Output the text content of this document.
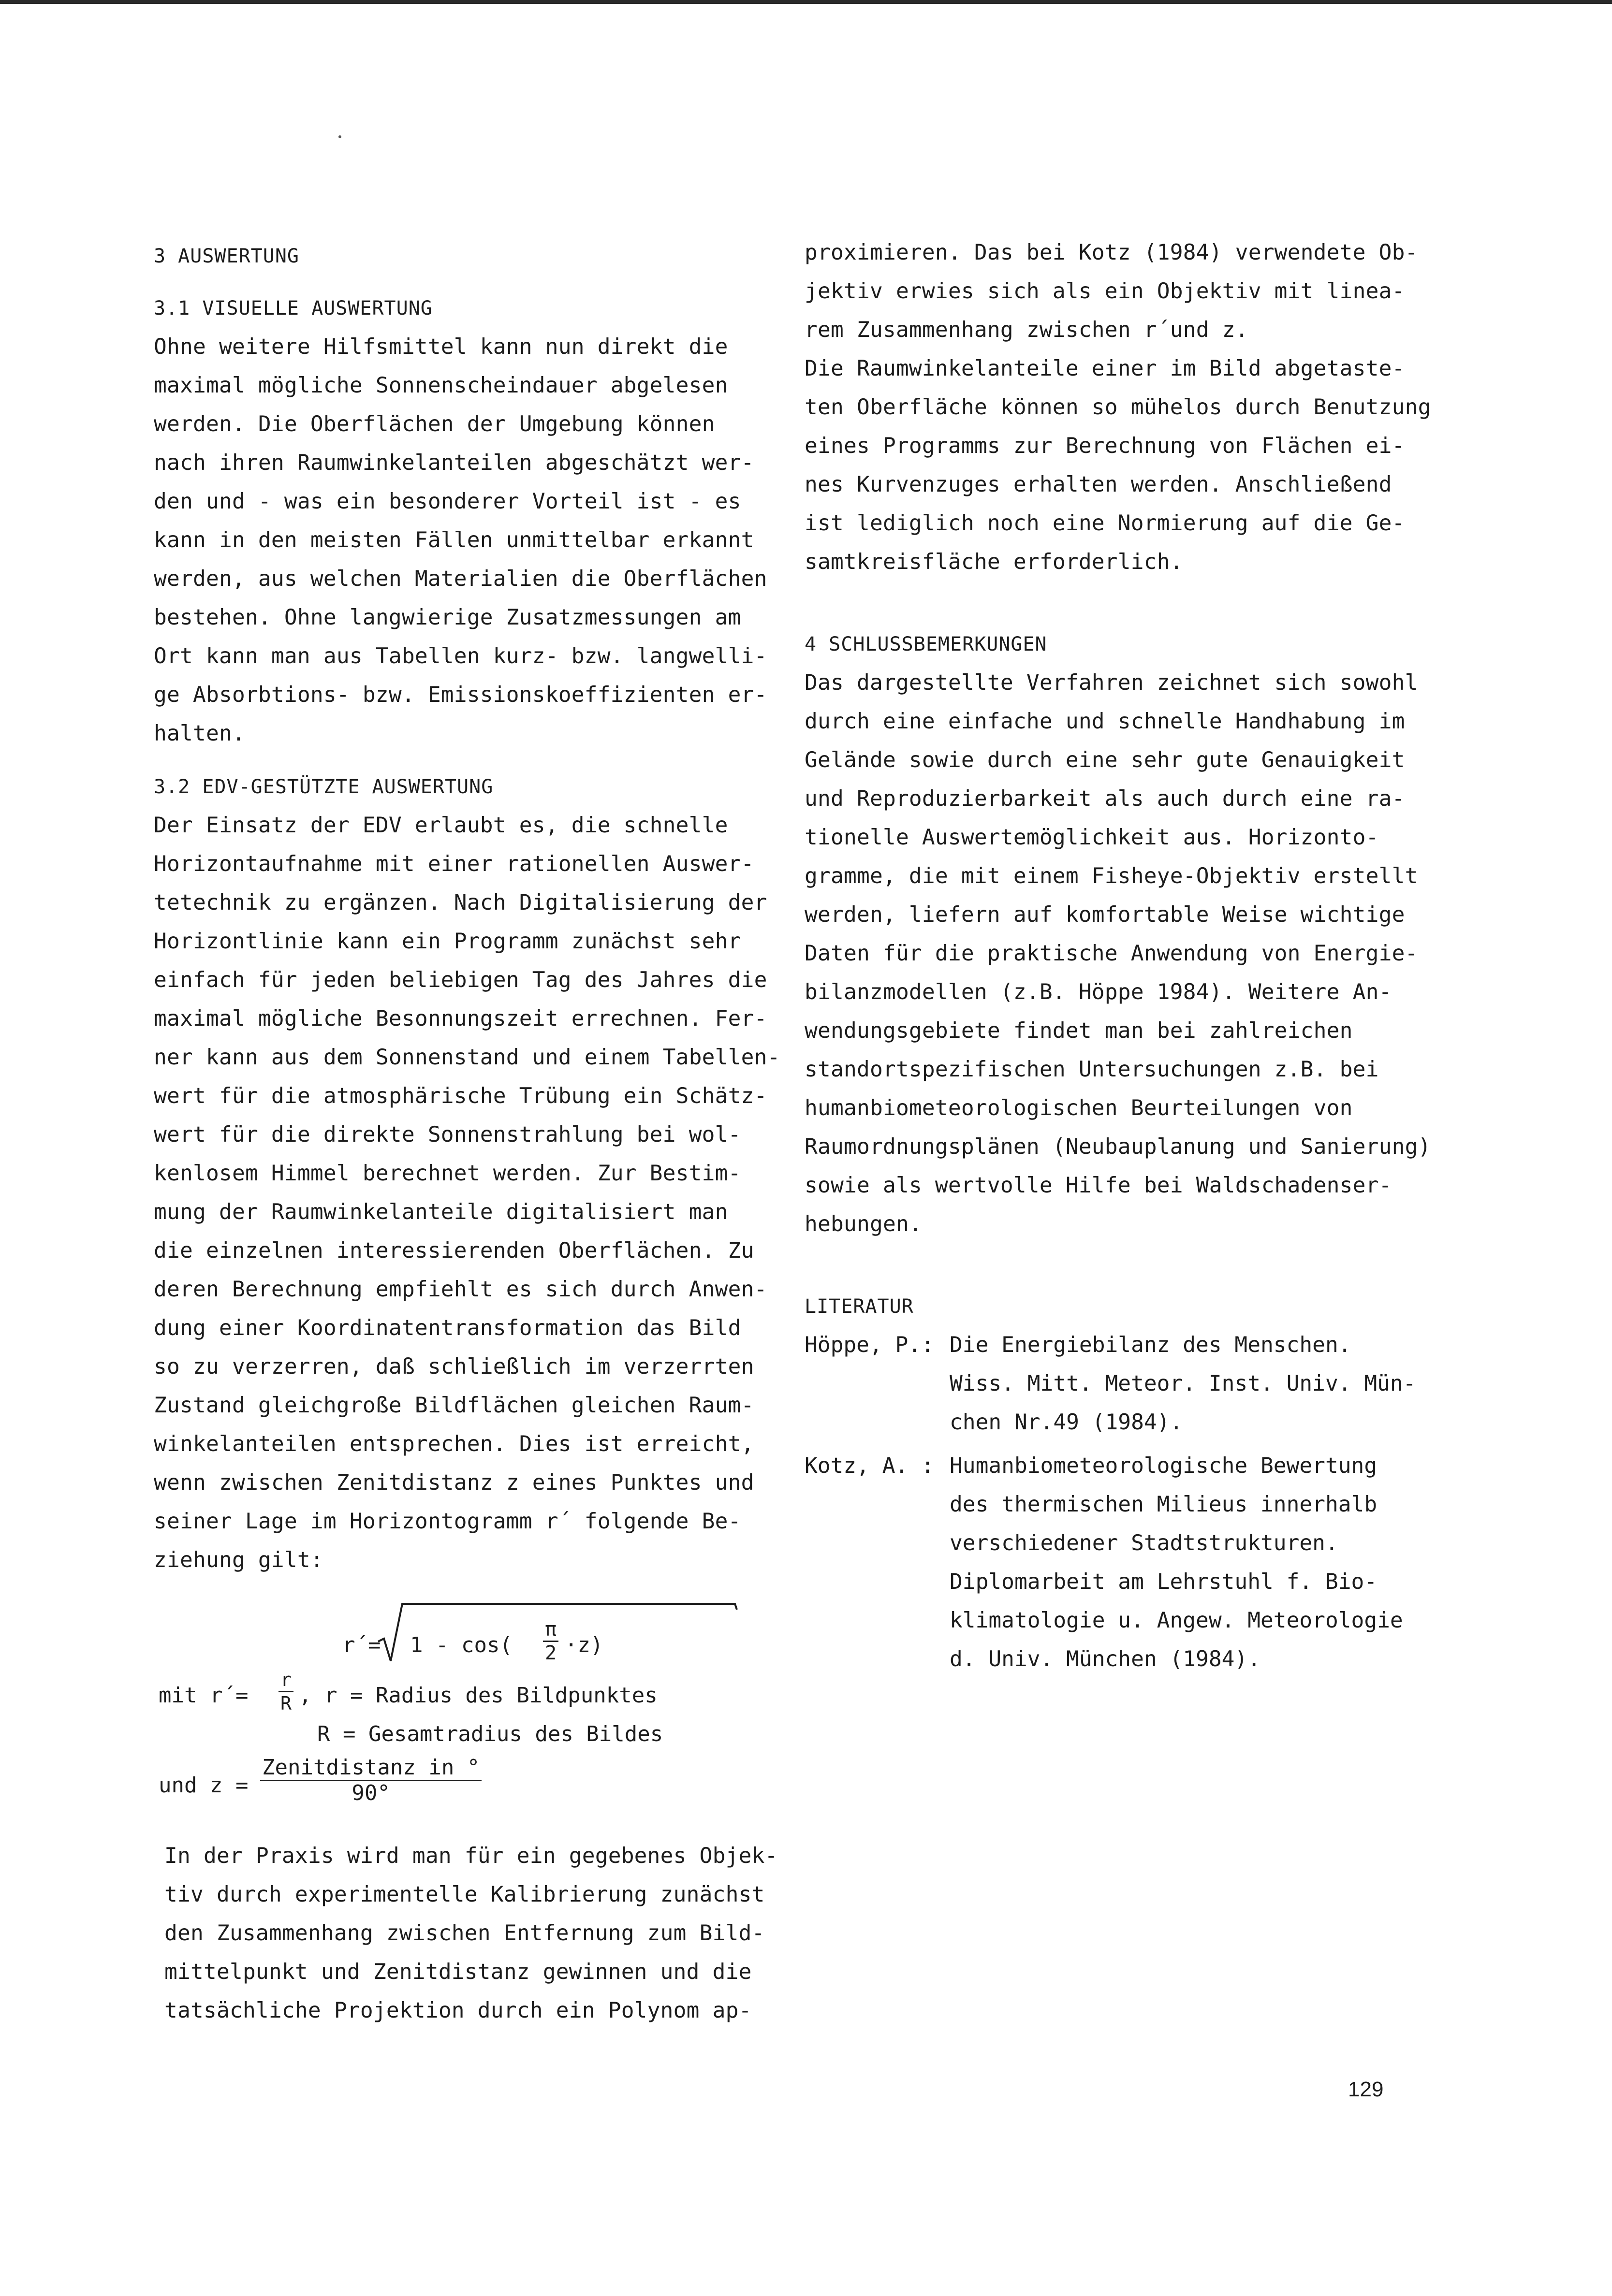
3 AUSWERTUNG
3.1 VISUELLE AUSWERTUNG
Ohne weitere Hilfsmittel kann nun direkt die
maximal mögliche Sonnenscheindauer abgelesen
werden. Die Oberflächen der Umgebung können
nach ihren Raumwinkelanteilen abgeschätzt wer-
den und - was ein besonderer Vorteil ist - es
kann in den meisten Fällen unmittelbar erkannt
werden, aus welchen Materialien die Oberflächen
bestehen. Ohne langwierige Zusatzmessungen am
Ort kann man aus Tabellen kurz- bzw. langwelli-
ge Absorbtions- bzw. Emissionskoeffizienten er-
halten.
3.2 EDV-GESTÜTZTE AUSWERTUNG
Der Einsatz der EDV erlaubt es, die schnelle
Horizontaufnahme mit einer rationellen Auswer-
tetechnik zu ergänzen. Nach Digitalisierung der
Horizontlinie kann ein Programm zunächst sehr
einfach für jeden beliebigen Tag des Jahres die
maximal mögliche Besonnungszeit errechnen. Fer-
ner kann aus dem Sonnenstand und einem Tabellen-
wert für die atmosphärische Trübung ein Schätz-
wert für die direkte Sonnenstrahlung bei wol-
kenlosem Himmel berechnet werden. Zur Bestim-
mung der Raumwinkelanteile digitalisiert man
die einzelnen interessierenden Oberflächen. Zu
deren Berechnung empfiehlt es sich durch Anwen-
dung einer Koordinatentransformation das Bild
so zu verzerren, daß schließlich im verzerrten
Zustand gleichgroße Bildflächen gleichen Raum-
winkelanteilen entsprechen. Dies ist erreicht,
wenn zwischen Zenitdistanz z eines Punktes und
seiner Lage im Horizontogramm r´ folgende Be-
ziehung gilt:
r´= $1 - \cos( \frac{\pi}{2} \cdot z)$
mit r´= $\frac{r}{R}$ , r = Radius des Bildpunktes
R = Gesamtradius des Bildes
und z =
Zenitdistanz in °
90°
In der Praxis wird man für ein gegebenes Objek-
tiv durch experimentelle Kalibrierung zunächst
den Zusammenhang zwischen Entfernung zum Bild-
mittelpunkt und Zenitdistanz gewinnen und die
tatsächliche Projektion durch ein Polynom ap-
proximieren. Das bei Kotz (1984) verwendete Ob-
jektiv erwies sich als ein Objektiv mit linea-
rem Zusammenhang zwischen r´und z.
Die Raumwinkelanteile einer im Bild abgetaste-
ten Oberfläche können so mühelos durch Benutzung
eines Programms zur Berechnung von Flächen ei-
nes Kurvenzuges erhalten werden. Anschließend
ist lediglich noch eine Normierung auf die Ge-
samtkreisfläche erforderlich.
4 SCHLUSSBEMERKUNGEN
Das dargestellte Verfahren zeichnet sich sowohl
durch eine einfache und schnelle Handhabung im
Gelände sowie durch eine sehr gute Genauigkeit
und Reproduzierbarkeit als auch durch eine ra-
tionelle Auswertemöglichkeit aus. Horizonto-
gramme, die mit einem Fisheye-Objektiv erstellt
werden, liefern auf komfortable Weise wichtige
Daten für die praktische Anwendung von Energie-
bilanzmodellen (z.B. Höppe 1984). Weitere An-
wendungsgebiete findet man bei zahlreichen
standortspezifischen Untersuchungen z.B. bei
humanbiometeorologischen Beurteilungen von
Raumordnungsplänen (Neubauplanung und Sanierung)
sowie als wertvolle Hilfe bei Waldschadenser-
hebungen.
LITERATUR
Höppe, P.: Die Energiebilanz des Menschen.
Wiss. Mitt. Meteor. Inst. Univ. Mün-
chen Nr.49 (1984).
Kotz, A. : Humanbiometeorologische Bewertung
des thermischen Milieus innerhalb
verschiedener Stadtstrukturen.
Diplomarbeit am Lehrstuhl f. Bio-
klimatologie u. Angew. Meteorologie
d. Univ. München (1984).
129
